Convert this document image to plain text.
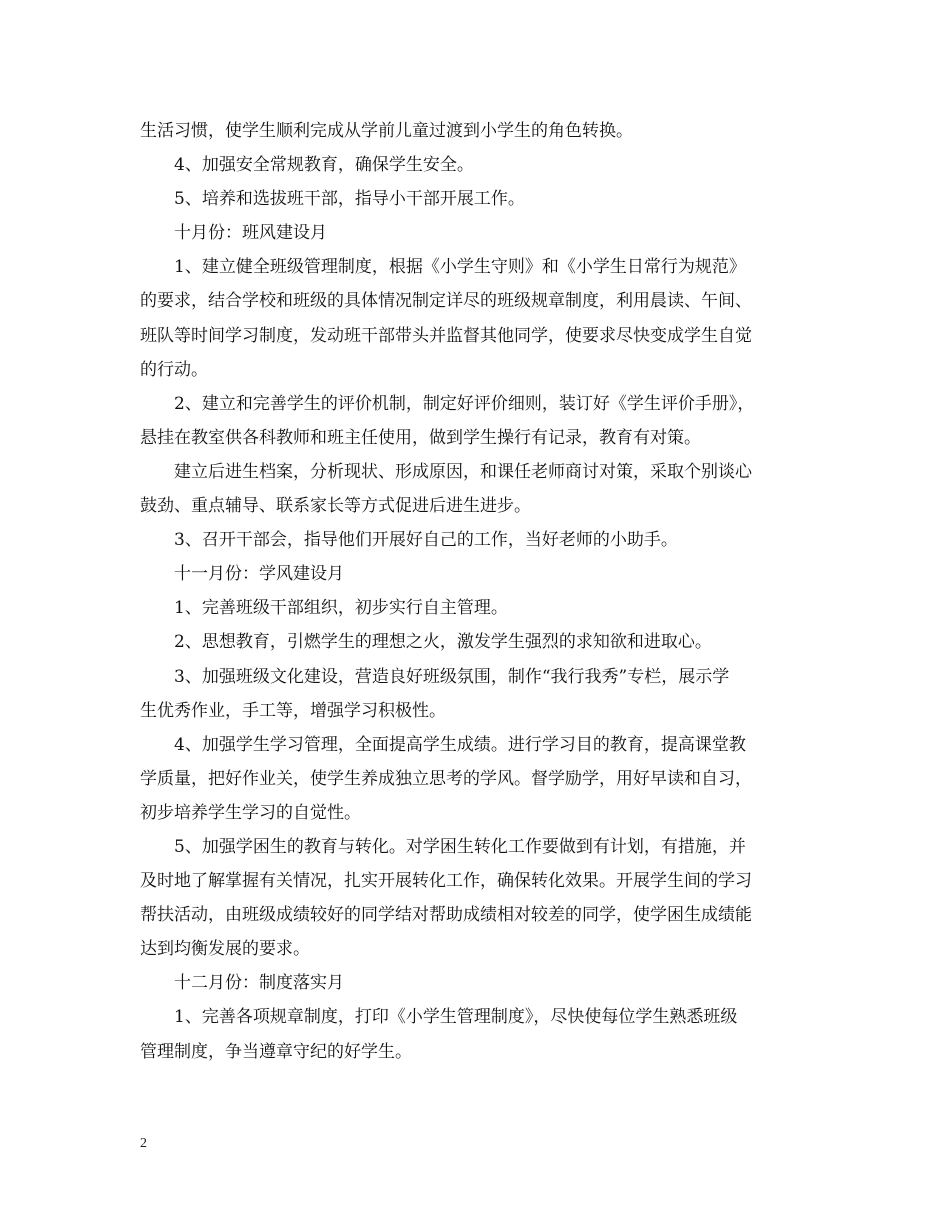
生活习惯，使学生顺利完成从学前儿童过渡到小学生的角色转换。
4、加强安全常规教育，确保学生安全。
5、培养和选拔班干部，指导小干部开展工作。
十月份：班风建设月
1、建立健全班级管理制度，根据《小学生守则》和《小学生日常行为规范》
的要求，结合学校和班级的具体情况制定详尽的班级规章制度，利用晨读、午间、
班队等时间学习制度，发动班干部带头并监督其他同学，使要求尽快变成学生自觉
的行动。
2、建立和完善学生的评价机制，制定好评价细则，装订好《学生评价手册》，
悬挂在教室供各科教师和班主任使用，做到学生操行有记录，教育有对策。
建立后进生档案，分析现状、形成原因，和课任老师商讨对策，采取个别谈心
鼓劲、重点辅导、联系家长等方式促进后进生进步。
3、召开干部会，指导他们开展好自己的工作，当好老师的小助手。
十一月份：学风建设月
1、完善班级干部组织，初步实行自主管理。
2、思想教育，引燃学生的理想之火，激发学生强烈的求知欲和进取心。
3、加强班级文化建设，营造良好班级氛围，制作“我行我秀”专栏，展示学
生优秀作业，手工等，增强学习积极性。
4、加强学生学习管理，全面提高学生成绩。进行学习目的教育，提高课堂教
学质量，把好作业关，使学生养成独立思考的学风。督学励学，用好早读和自习，
初步培养学生学习的自觉性。
5、加强学困生的教育与转化。对学困生转化工作要做到有计划，有措施，并
及时地了解掌握有关情况，扎实开展转化工作，确保转化效果。开展学生间的学习
帮扶活动，由班级成绩较好的同学结对帮助成绩相对较差的同学，使学困生成绩能
达到均衡发展的要求。
十二月份：制度落实月
1、完善各项规章制度，打印《小学生管理制度》，尽快使每位学生熟悉班级
管理制度，争当遵章守纪的好学生。
2
